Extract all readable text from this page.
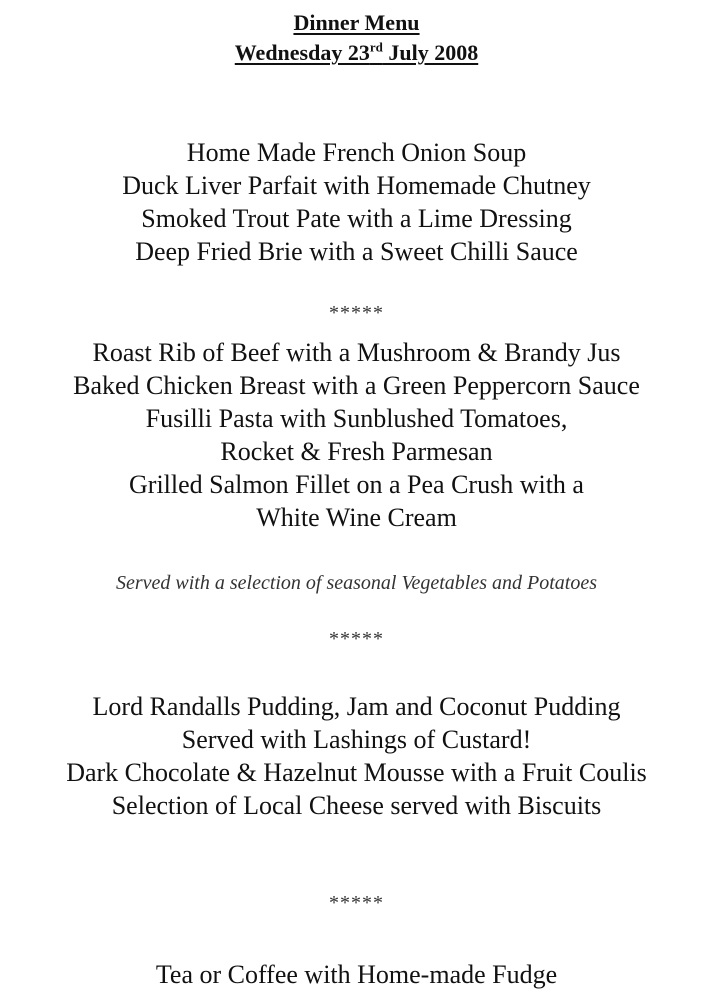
Dinner Menu
Wednesday 23rd July 2008
Home Made French Onion Soup
Duck Liver Parfait with Homemade Chutney
Smoked Trout Pate with a Lime Dressing
Deep Fried Brie with a Sweet Chilli Sauce
*****
Roast Rib of Beef with a Mushroom & Brandy Jus
Baked Chicken Breast with a Green Peppercorn Sauce
Fusilli Pasta with Sunblushed Tomatoes,
Rocket & Fresh Parmesan
Grilled Salmon Fillet on a Pea Crush with a
White Wine Cream
Served with a selection of seasonal Vegetables and Potatoes
*****
Lord Randalls Pudding, Jam and Coconut Pudding
Served with Lashings of Custard!
Dark Chocolate & Hazelnut Mousse with a Fruit Coulis
Selection of Local Cheese served with Biscuits
*****
Tea or Coffee with Home-made Fudge
